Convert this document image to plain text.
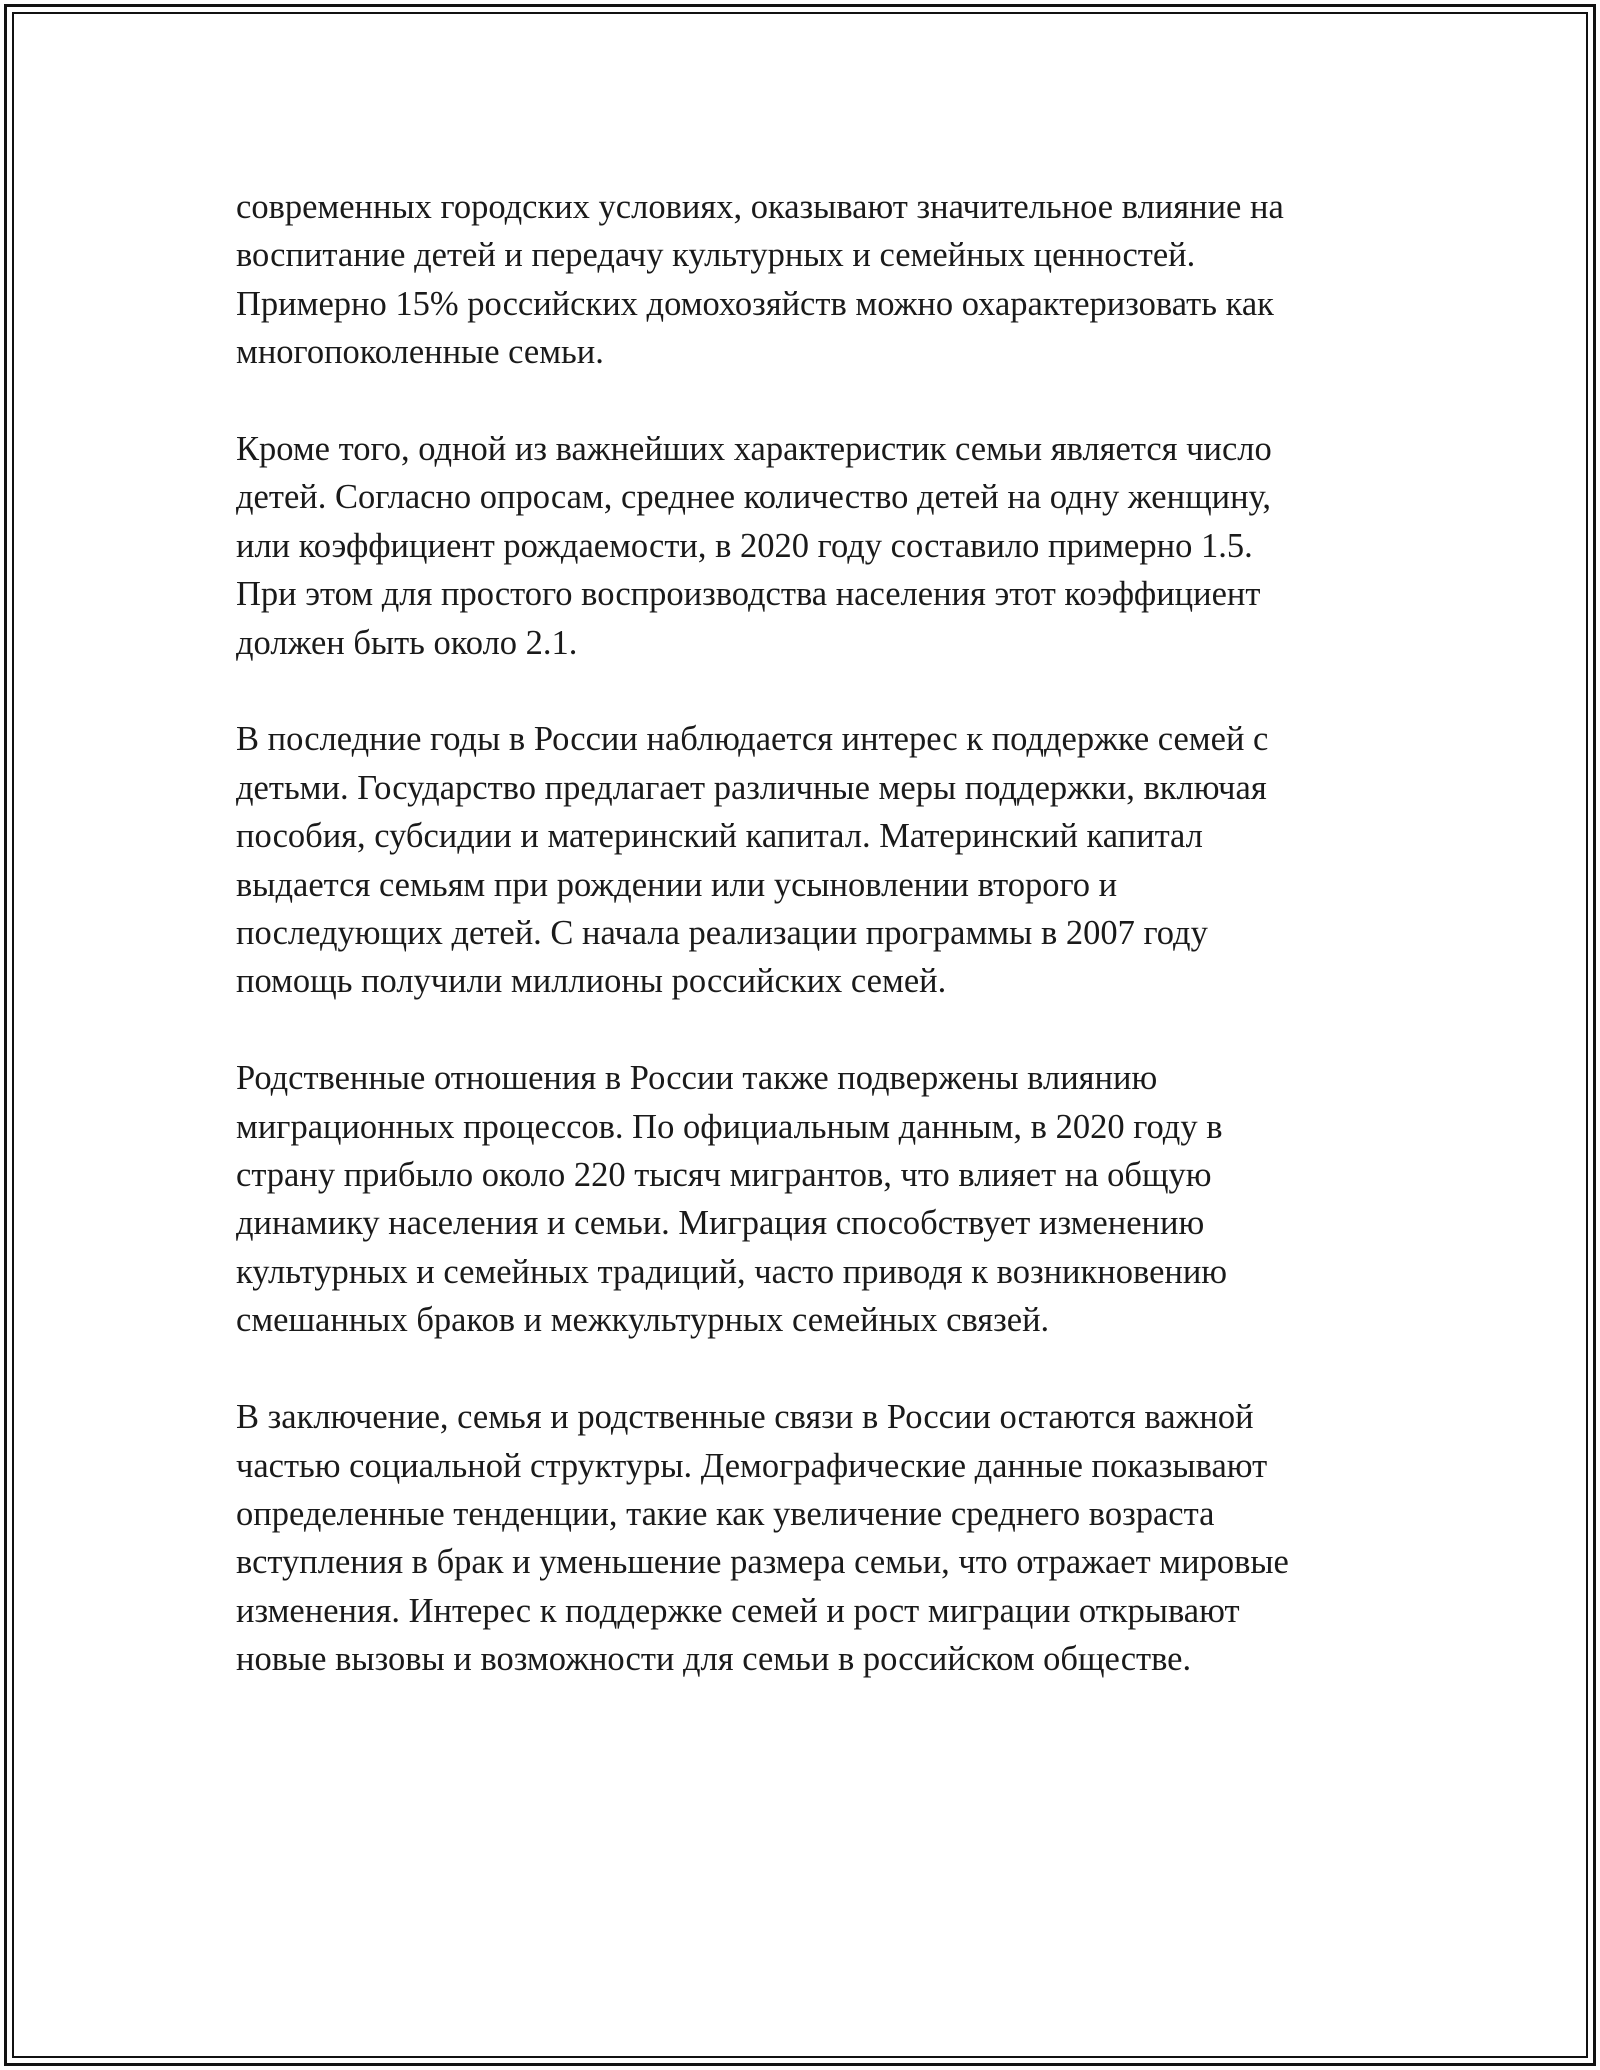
современных городских условиях, оказывают значительное влияние на
воспитание детей и передачу культурных и семейных ценностей.
Примерно 15% российских домохозяйств можно охарактеризовать как
многопоколенные семьи.

Кроме того, одной из важнейших характеристик семьи является число
детей. Согласно опросам, среднее количество детей на одну женщину,
или коэффициент рождаемости, в 2020 году составило примерно 1.5.
При этом для простого воспроизводства населения этот коэффициент
должен быть около 2.1.

В последние годы в России наблюдается интерес к поддержке семей с
детьми. Государство предлагает различные меры поддержки, включая
пособия, субсидии и материнский капитал. Материнский капитал
выдается семьям при рождении или усыновлении второго и
последующих детей. С начала реализации программы в 2007 году
помощь получили миллионы российских семей.

Родственные отношения в России также подвержены влиянию
миграционных процессов. По официальным данным, в 2020 году в
страну прибыло около 220 тысяч мигрантов, что влияет на общую
динамику населения и семьи. Миграция способствует изменению
культурных и семейных традиций, часто приводя к возникновению
смешанных браков и межкультурных семейных связей.

В заключение, семья и родственные связи в России остаются важной
частью социальной структуры. Демографические данные показывают
определенные тенденции, такие как увеличение среднего возраста
вступления в брак и уменьшение размера семьи, что отражает мировые
изменения. Интерес к поддержке семей и рост миграции открывают
новые вызовы и возможности для семьи в российском обществе.
